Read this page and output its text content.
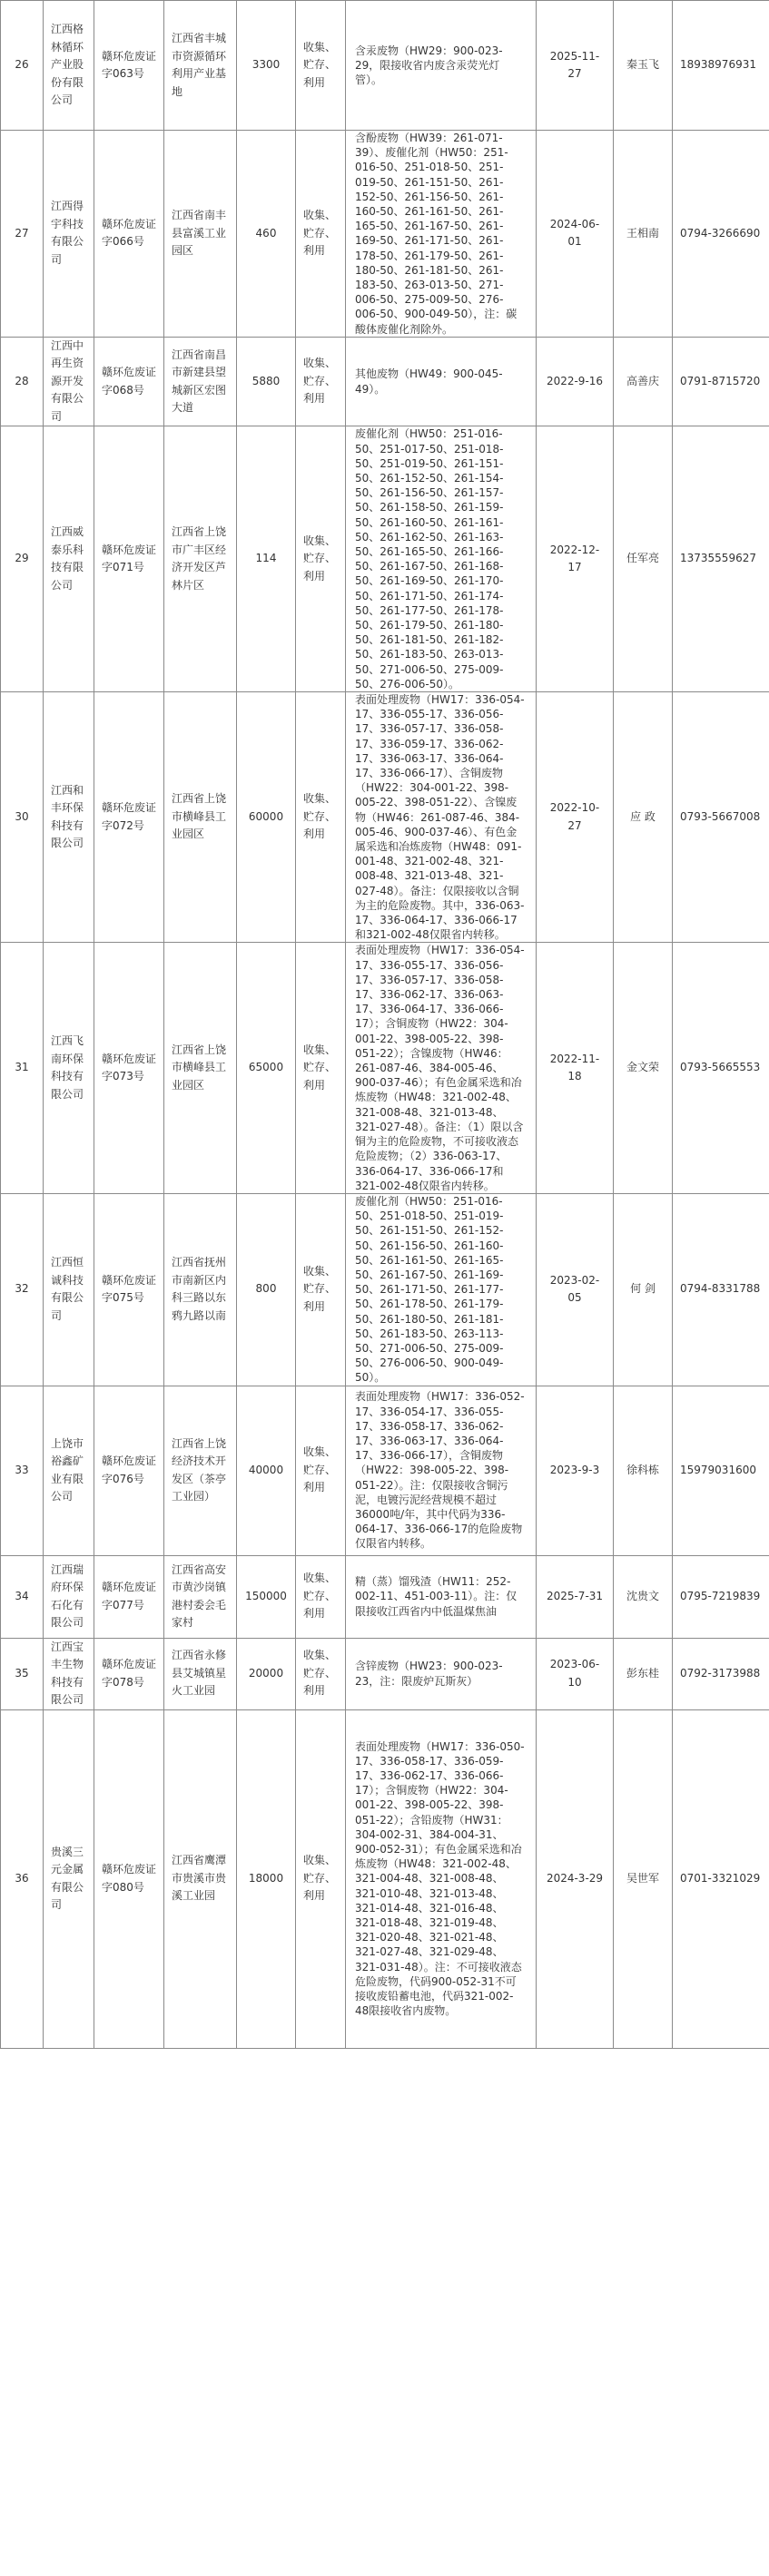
26	江西格林循环产业股份有限公司	赣环危废证字063号	江西省丰城市资源循环利用产业基地	3300	收集、贮存、利用	含汞废物（HW29：900-023-29，限接收省内废含汞荧光灯管）。	2025-11-27	秦玉飞	18938976931
27	江西得宇科技有限公司	赣环危废证字066号	江西省南丰县富溪工业园区	460	收集、贮存、利用	含酚废物（HW39：261-071-39）、废催化剂（HW50：251-016-50、251-018-50、251-019-50、261-151-50、261-152-50、261-156-50、261-160-50、261-161-50、261-165-50、261-167-50、261-169-50、261-171-50、261-178-50、261-179-50、261-180-50、261-181-50、261-183-50、263-013-50、271-006-50、275-009-50、276-006-50、900-049-50），注：碳酸体废催化剂除外。	2024-06-01	王相南	0794-3266690
28	江西中再生资源开发有限公司	赣环危废证字068号	江西省南昌市新建县望城新区宏图大道	5880	收集、贮存、利用	其他废物（HW49：900-045-49）。	2022-9-16	高善庆	0791-8715720
29	江西威泰乐科技有限公司	赣环危废证字071号	江西省上饶市广丰区经济开发区芦林片区	114	收集、贮存、利用	废催化剂（HW50：251-016-50、251-017-50、251-018-50、251-019-50、261-151-50、261-152-50、261-154-50、261-156-50、261-157-50、261-158-50、261-159-50、261-160-50、261-161-50、261-162-50、261-163-50、261-165-50、261-166-50、261-167-50、261-168-50、261-169-50、261-170-50、261-171-50、261-174-50、261-177-50、261-178-50、261-179-50、261-180-50、261-181-50、261-182-50、261-183-50、263-013-50、271-006-50、275-009-50、276-006-50）。	2022-12-17	任军亮	13735559627
30	江西和丰环保科技有限公司	赣环危废证字072号	江西省上饶市横峰县工业园区	60000	收集、贮存、利用	表面处理废物（HW17：336-054-17、336-055-17、336-056-17、336-057-17、336-058-17、336-059-17、336-062-17、336-063-17、336-064-17、336-066-17）、含铜废物（HW22：304-001-22、398-005-22、398-051-22）、含镍废物（HW46：261-087-46、384-005-46、900-037-46）、有色金属采选和冶炼废物（HW48：091-001-48、321-002-48、321-008-48、321-013-48、321-027-48）。备注：仅限接收以含铜为主的危险废物。其中，336-063-17、336-064-17、336-066-17和321-002-48仅限省内转移。	2022-10-27	应 政	0793-5667008
31	江西飞南环保科技有限公司	赣环危废证字073号	江西省上饶市横峰县工业园区	65000	收集、贮存、利用	表面处理废物（HW17：336-054-17、336-055-17、336-056-17、336-057-17、336-058-17、336-062-17、336-063-17、336-064-17、336-066-17）；含铜废物（HW22：304-001-22、398-005-22、398-051-22）；含镍废物（HW46：261-087-46、384-005-46、900-037-46）；有色金属采选和冶炼废物（HW48：321-002-48、321-008-48、321-013-48、321-027-48）。备注：（1）限以含铜为主的危险废物，不可接收液态危险废物；（2）336-063-17、336-064-17、336-066-17和321-002-48仅限省内转移。	2022-11-18	金文荣	0793-5665553
32	江西恒诚科技有限公司	赣环危废证字075号	江西省抚州市南新区内科三路以东鸦九路以南	800	收集、贮存、利用	废催化剂（HW50：251-016-50、251-018-50、251-019-50、261-151-50、261-152-50、261-156-50、261-160-50、261-161-50、261-165-50、261-167-50、261-169-50、261-171-50、261-177-50、261-178-50、261-179-50、261-180-50、261-181-50、261-183-50、263-113-50、271-006-50、275-009-50、276-006-50、900-049-50）。	2023-02-05	何 剑	0794-8331788
33	上饶市裕鑫矿业有限公司	赣环危废证字076号	江西省上饶经济技术开发区（茶亭工业园）	40000	收集、贮存、利用	表面处理废物（HW17：336-052-17、336-054-17、336-055-17、336-058-17、336-062-17、336-063-17、336-064-17、336-066-17），含铜废物（HW22：398-005-22、398-051-22）。注：仅限接收含铜污泥，电镀污泥经营规模不超过36000吨/年，其中代码为336-064-17、336-066-17的危险废物仅限省内转移。	2023-9-3	徐科栋	15979031600
34	江西瑞府环保石化有限公司	赣环危废证字077号	江西省高安市黄沙岗镇港村委会毛家村	150000	收集、贮存、利用	精（蒸）馏残渣（HW11：252-002-11、451-003-11）。注：仅限接收江西省内中低温煤焦油	2025-7-31	沈贵文	0795-7219839
35	江西宝丰生物科技有限公司	赣环危废证字078号	江西省永修县艾城镇星火工业园	20000	收集、贮存、利用	含锌废物（HW23：900-023-23，注：限废炉瓦斯灰）	2023-06-10	彭东桂	0792-3173988
36	贵溪三元金属有限公司	赣环危废证字080号	江西省鹰潭市贵溪市贵溪工业园	18000	收集、贮存、利用	表面处理废物（HW17：336-050-17、336-058-17、336-059-17、336-062-17、336-066-17）；含铜废物（HW22：304-001-22、398-005-22、398-051-22）；含铅废物（HW31：304-002-31、384-004-31、900-052-31）；有色金属采选和冶炼废物（HW48：321-002-48、321-004-48、321-008-48、321-010-48、321-013-48、321-014-48、321-016-48、321-018-48、321-019-48、321-020-48、321-021-48、321-027-48、321-029-48、321-031-48）。注：不可接收液态危险废物，代码900-052-31不可接收废铅蓄电池，代码321-002-48限接收省内废物。	2024-3-29	吴世军	0701-3321029
